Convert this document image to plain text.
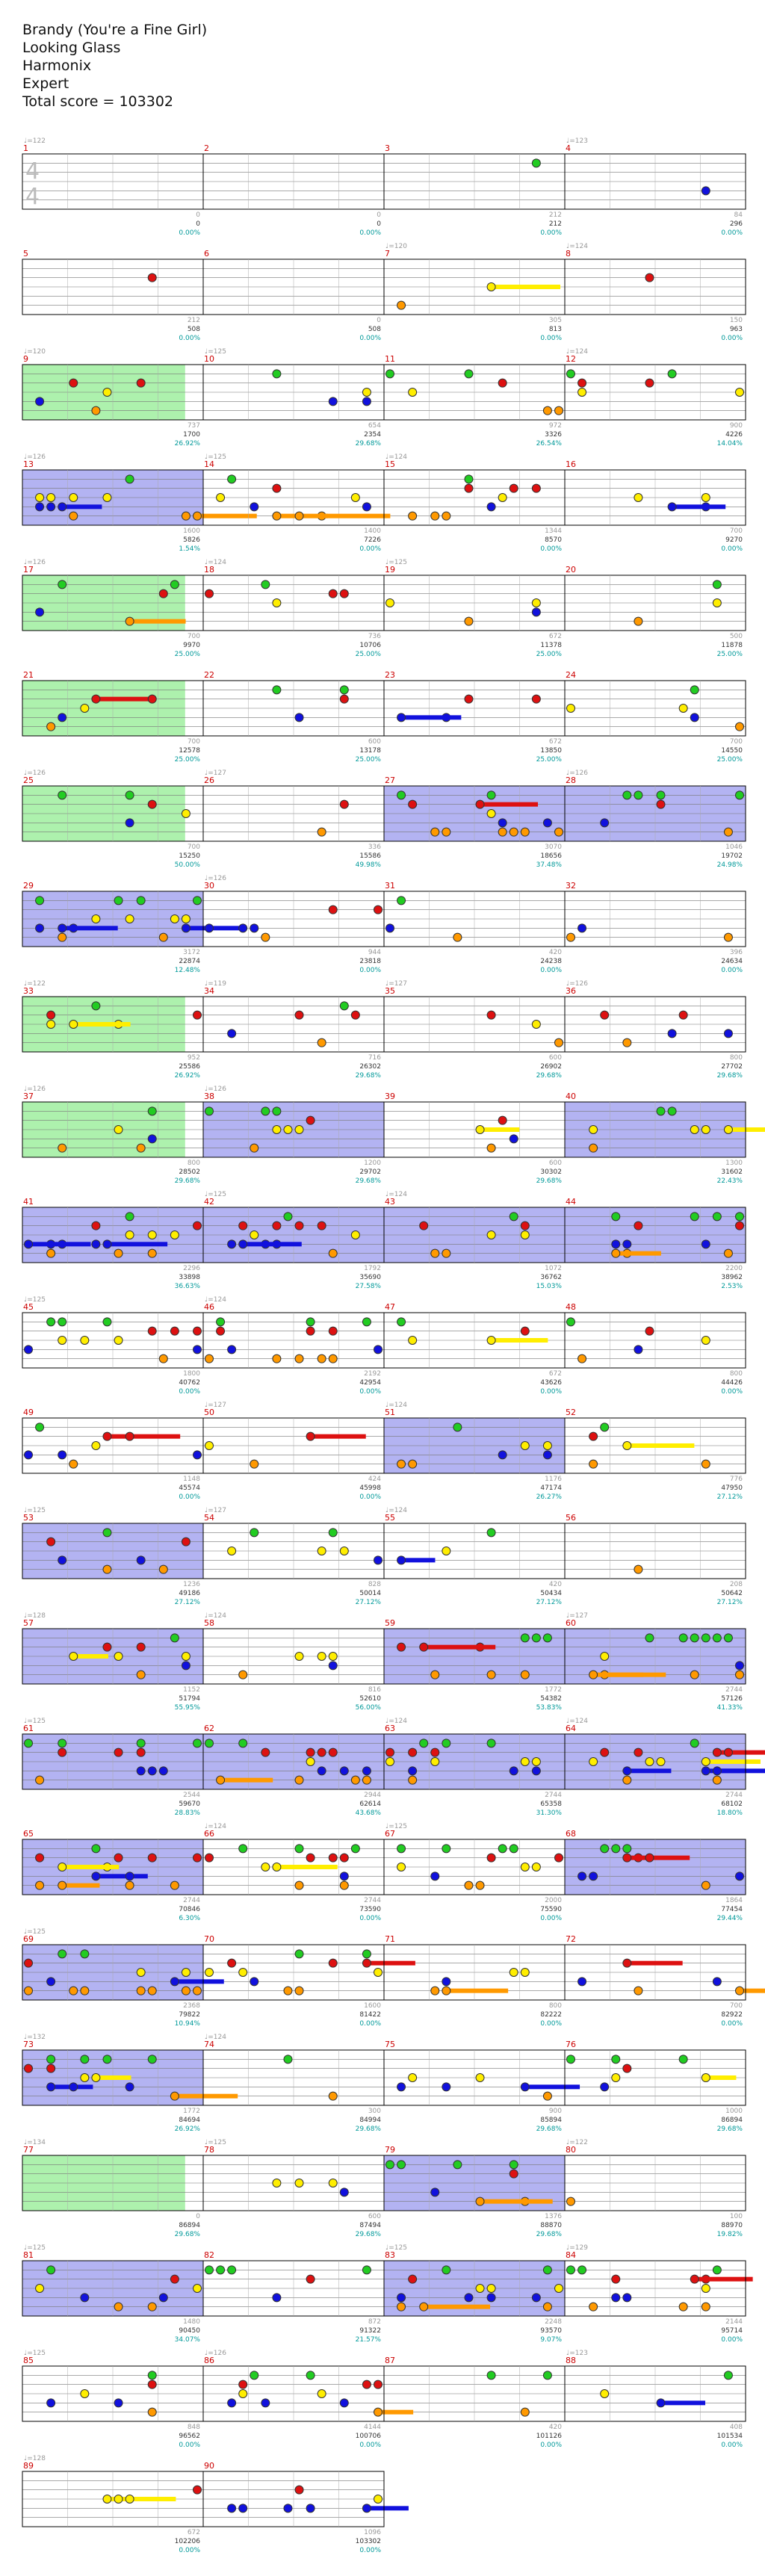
Brandy (You're a Fine Girl)
Looking Glass
Harmonix
Expert
Total score = 103302
1
♩=122
0
0
0.00%
4
4
2
0
0
0.00%
3
212
212
0.00%
4
♩=123
84
296
0.00%
5
212
508
0.00%
6
0
508
0.00%
7
♩=120
305
813
0.00%
8
♩=124
150
963
0.00%
9
♩=120
737
1700
26.92%
10
♩=125
654
2354
29.68%
11
972
3326
26.54%
12
♩=124
900
4226
14.04%
13
♩=126
1600
5826
1.54%
14
♩=125
1400
7226
0.00%
15
♩=124
1344
8570
0.00%
16
700
9270
0.00%
17
♩=126
700
9970
25.00%
18
♩=124
736
10706
25.00%
19
♩=125
672
11378
25.00%
20
500
11878
25.00%
21
700
12578
25.00%
22
600
13178
25.00%
23
672
13850
25.00%
24
700
14550
25.00%
25
♩=126
700
15250
50.00%
26
♩=127
336
15586
49.98%
27
3070
18656
37.48%
28
♩=126
1046
19702
24.98%
29
3172
22874
12.48%
30
♩=126
944
23818
0.00%
31
420
24238
0.00%
32
396
24634
0.00%
33
♩=122
952
25586
26.92%
34
♩=119
716
26302
29.68%
35
♩=127
600
26902
29.68%
36
♩=126
800
27702
29.68%
37
♩=126
800
28502
29.68%
38
♩=126
1200
29702
29.68%
39
600
30302
29.68%
40
1300
31602
22.43%
41
2296
33898
36.63%
42
♩=125
1792
35690
27.58%
43
♩=124
1072
36762
15.03%
44
2200
38962
2.53%
45
♩=125
1800
40762
0.00%
46
♩=124
2192
42954
0.00%
47
672
43626
0.00%
48
800
44426
0.00%
49
1148
45574
0.00%
50
♩=127
424
45998
0.00%
51
♩=124
1176
47174
26.27%
52
776
47950
27.12%
53
♩=125
1236
49186
27.12%
54
♩=127
828
50014
27.12%
55
♩=124
420
50434
27.12%
56
208
50642
27.12%
57
♩=128
1152
51794
55.95%
58
♩=124
816
52610
56.00%
59
1772
54382
53.83%
60
♩=127
2744
57126
41.33%
61
♩=125
2544
59670
28.83%
62
2944
62614
43.68%
63
♩=124
2744
65358
31.30%
64
♩=124
2744
68102
18.80%
65
2744
70846
6.30%
66
♩=124
2744
73590
0.00%
67
♩=125
2000
75590
0.00%
68
1864
77454
29.44%
69
♩=125
2368
79822
10.94%
70
1600
81422
0.00%
71
800
82222
0.00%
72
700
82922
0.00%
73
♩=132
1772
84694
26.92%
74
♩=124
300
84994
29.68%
75
900
85894
29.68%
76
1000
86894
29.68%
77
♩=134
0
86894
29.68%
78
♩=125
600
87494
29.68%
79
1376
88870
29.68%
80
♩=122
100
88970
19.82%
81
♩=125
1480
90450
34.07%
82
872
91322
21.57%
83
♩=125
2248
93570
9.07%
84
♩=129
2144
95714
0.00%
85
♩=125
848
96562
0.00%
86
♩=126
4144
100706
0.00%
87
420
101126
0.00%
88
♩=123
408
101534
0.00%
89
♩=128
672
102206
0.00%
90
1096
103302
0.00%
